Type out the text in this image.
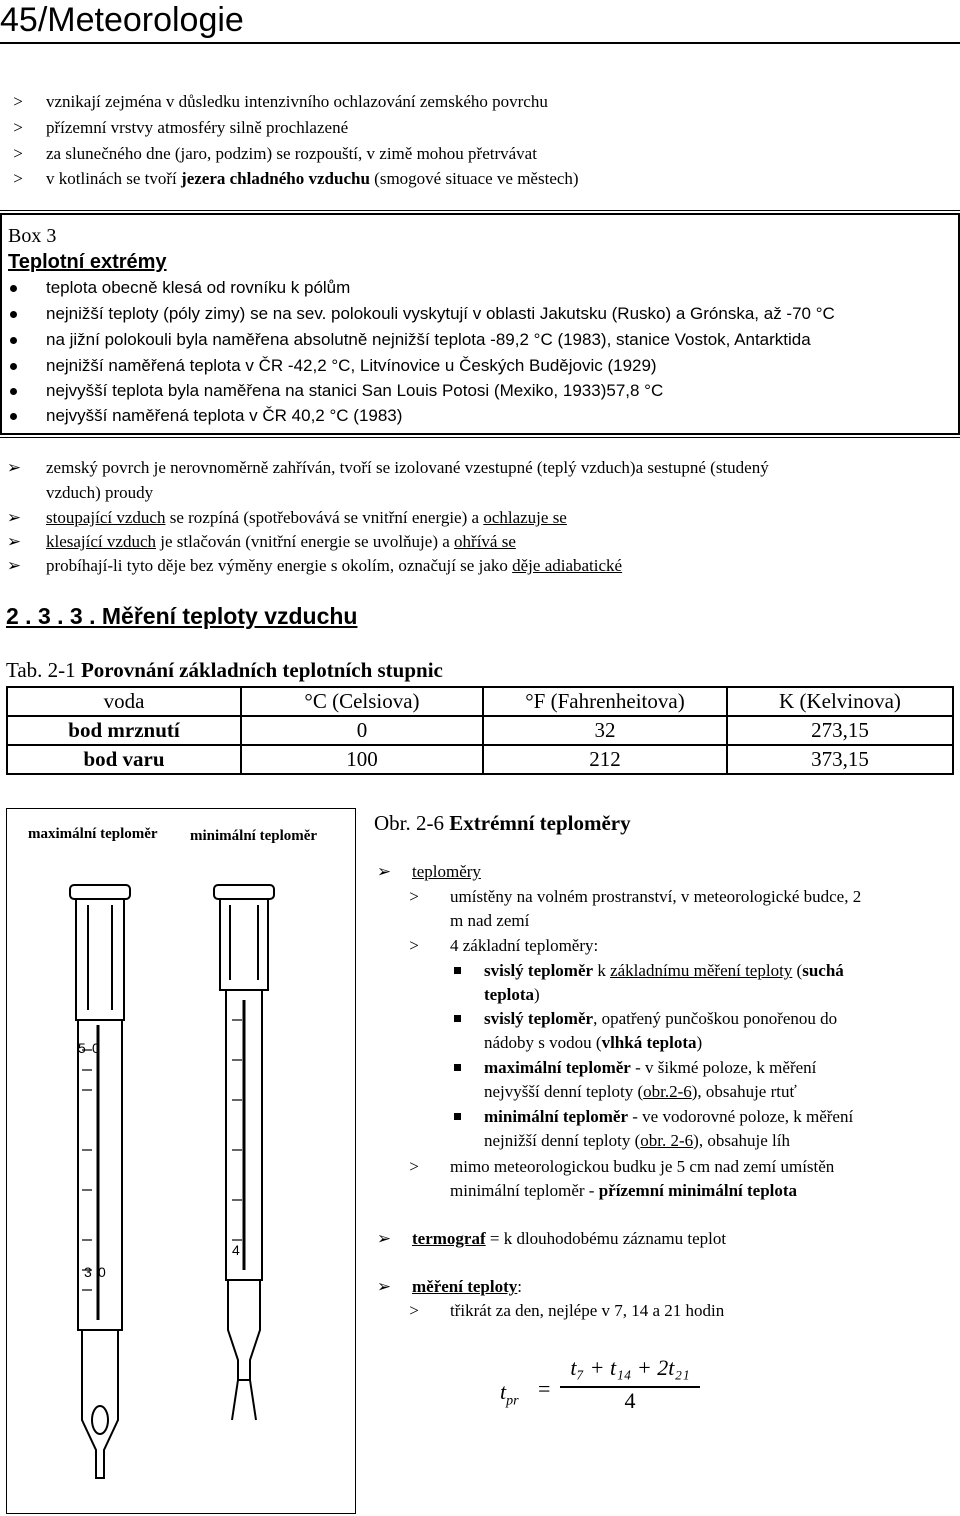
45/Meteorologie
>	vznikají zejména v důsledku intenzivního ochlazování zemského povrchu
>	přízemní vrstvy atmosféry silně prochlazené
>	za slunečného dne (jaro, podzim) se rozpouští, v zimě mohou přetrvávat
>	v kotlinách se tvoří jezera chladného vzduchu (smogové situace ve městech)
Box 3
Teplotní extrémy
teplota obecně klesá od rovníku k pólům
nejnižší teploty (póly zimy) se na sev. polokouli vyskytují v oblasti Jakutsku (Rusko) a Grónska, až -70 °C
na jižní polokouli byla naměřena absolutně nejnižší teplota -89,2 °C (1983), stanice Vostok, Antarktida
nejnižší naměřená teplota v ČR -42,2 °C, Litvínovice u Českých Budějovic (1929)
nejvyšší teplota byla naměřena na stanici San Louis Potosi (Mexiko, 1933)57,8 °C
nejvyšší naměřená teplota v ČR 40,2 °C (1983)
➢ zemský povrch je nerovnoměrně zahříván, tvoří se izolované vzestupné (teplý vzduch)a sestupné (studený
vzduch) proudy
➢ stoupající vzduch se rozpíná (spotřebovává se vnitřní energie) a ochlazuje se
➢ klesající vzduch je stlačován (vnitřní energie se uvolňuje) a ohřívá se
➢ probíhají-li tyto děje bez výměny energie s okolím, označují se jako děje adiabatické
2 . 3 . 3 . Měření teploty vzduchu
Tab. 2-1 Porovnání základních teplotních stupnic
voda	°C (Celsiova)	°F (Fahrenheitova)	K (Kelvinova)
bod mrznutí	0	32	273,15
bod varu	100	212	373,15
maximální teploměr minimální teploměr
5 0
4
3 0
Obr. 2-6 Extrémní teploměry
➢ teploměry
>	umístěny na volném prostranství, v meteorologické budce, 2
m nad zemí
>	4 základní teploměry:
svislý teploměr k základnímu měření teploty (suchá
teplota)
svislý teploměr, opatřený punčoškou ponořenou do
nádoby s vodou (vlhká teplota)
maximální teploměr - v šikmé poloze, k měření
nejvyšší denní teploty (obr.2-6), obsahuje rtuť
minimální teploměr - ve vodorovné poloze, k měření
nejnižší denní teploty (obr. 2-6), obsahuje líh
>	mimo meteorologickou budku je 5 cm nad zemí umístěn
minimální teploměr - přízemní minimální teplota
➢ termograf = k dlouhodobému záznamu teplot
➢ měření teploty:
>	třikrát za den, nejlépe v 7, 14 a 21 hodin
$t_{pr}$ =
t₇ + t₁₄ + 2t₂₁
4
